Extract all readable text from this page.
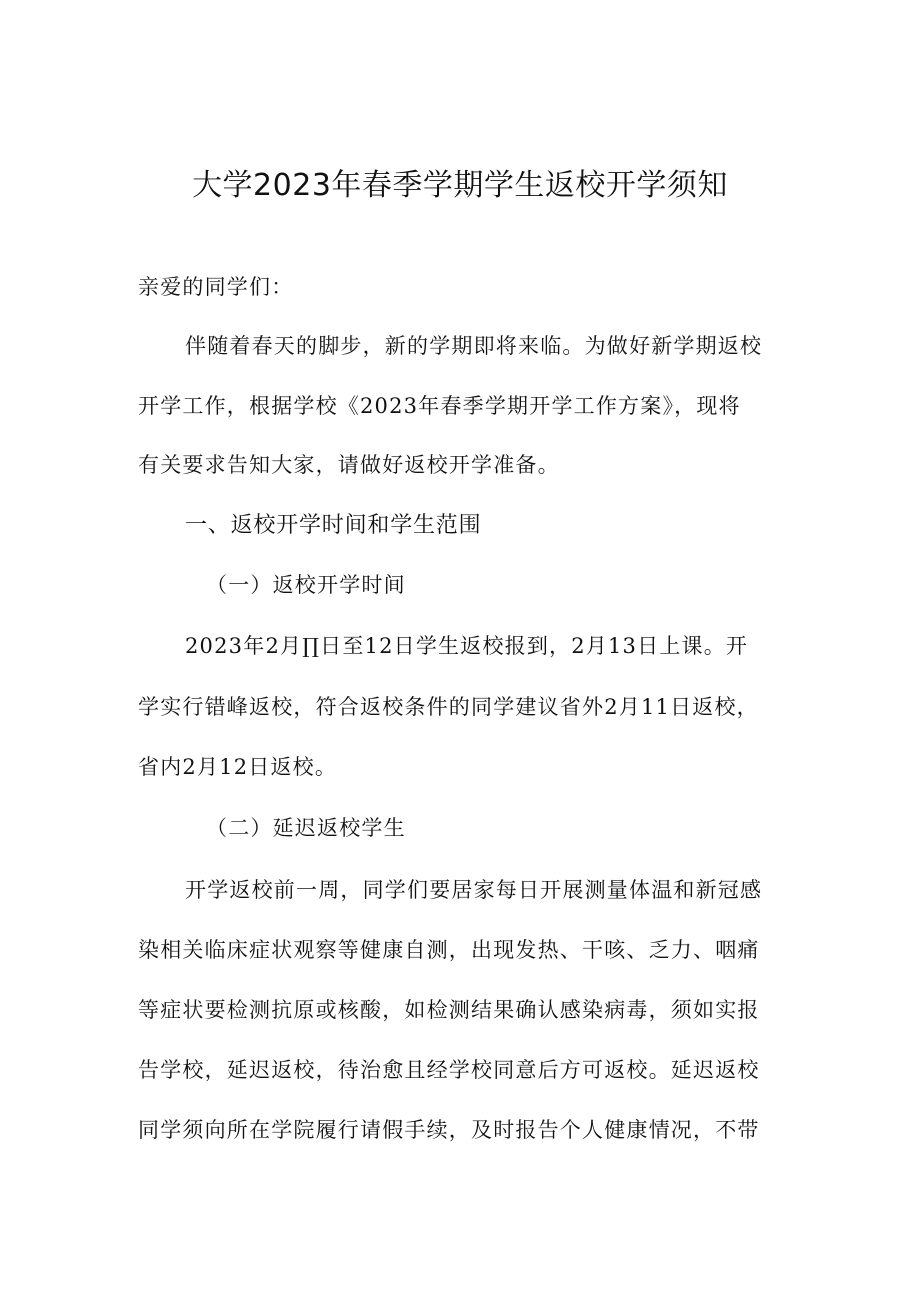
大学2023年春季学期学生返校开学须知

亲爱的同学们：

伴随着春天的脚步，新的学期即将来临。为做好新学期返校

开学工作，根据学校《2023年春季学期开学工作方案》，现将

有关要求告知大家，请做好返校开学准备。

一、返校开学时间和学生范围

（一）返校开学时间

2023年2月∏日至12日学生返校报到，2月13日上课。开

学实行错峰返校，符合返校条件的同学建议省外2月11日返校，

省内2月12日返校。

（二）延迟返校学生

开学返校前一周，同学们要居家每日开展测量体温和新冠感

染相关临床症状观察等健康自测，出现发热、干咳、乏力、咽痛

等症状要检测抗原或核酸，如检测结果确认感染病毒，须如实报

告学校，延迟返校，待治愈且经学校同意后方可返校。延迟返校

同学须向所在学院履行请假手续，及时报告个人健康情况，不带
